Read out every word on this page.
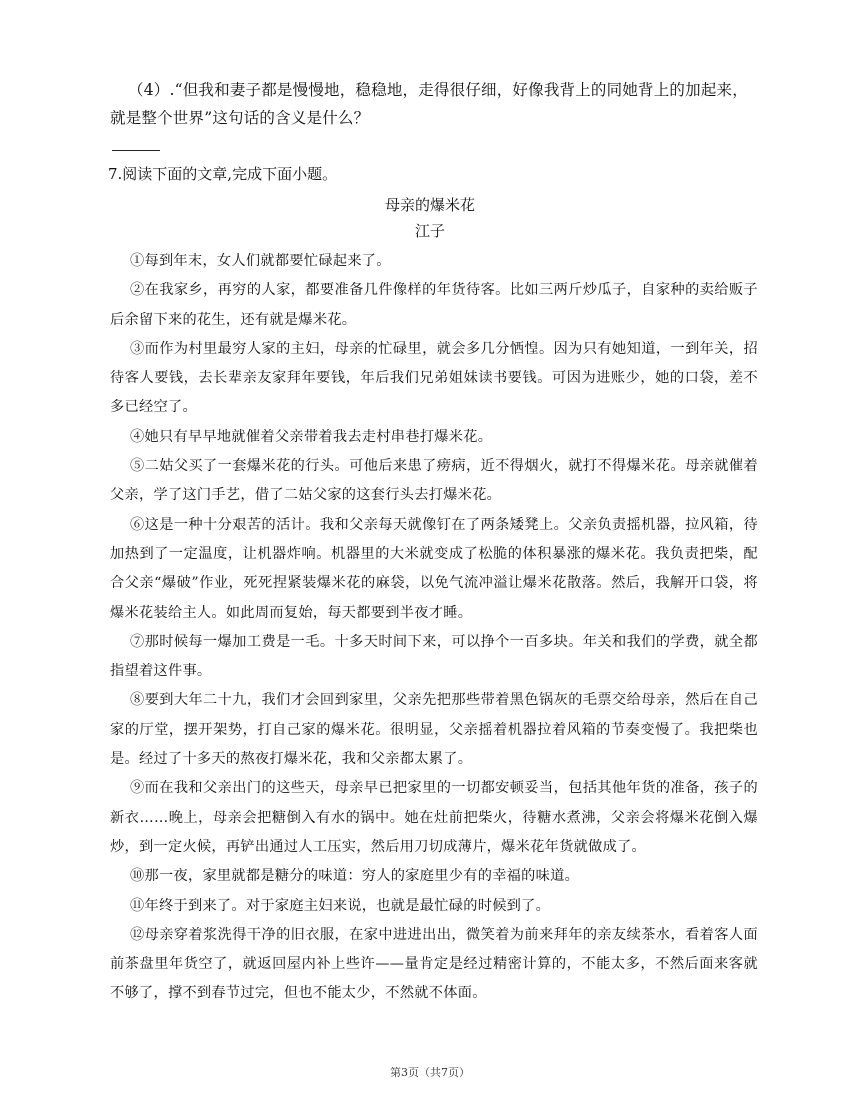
（4）.“但我和妻子都是慢慢地，稳稳地，走得很仔细，好像我背上的同她背上的加起来，就是整个世界”这句话的含义是什么？
7.阅读下面的文章,完成下面小题。
母亲的爆米花
江子

①每到年末，女人们就都要忙碌起来了。

②在我家乡，再穷的人家，都要准备几件像样的年货待客。比如三两斤炒瓜子，自家种的卖给贩子后余留下来的花生，还有就是爆米花。

③而作为村里最穷人家的主妇，母亲的忙碌里，就会多几分恓惶。因为只有她知道，一到年关，招待客人要钱，去长辈亲友家拜年要钱，年后我们兄弟姐妹读书要钱。可因为进账少，她的口袋，差不多已经空了。

④她只有早早地就催着父亲带着我去走村串巷打爆米花。

⑤二姑父买了一套爆米花的行头。可他后来患了痨病，近不得烟火，就打不得爆米花。母亲就催着父亲，学了这门手艺，借了二姑父家的这套行头去打爆米花。

⑥这是一种十分艰苦的活计。我和父亲每天就像钉在了两条矮凳上。父亲负责摇机器，拉风箱，待加热到了一定温度，让机器炸响。机器里的大米就变成了松脆的体积暴涨的爆米花。我负责把柴，配合父亲“爆破”作业，死死捏紧装爆米花的麻袋，以免气流冲溢让爆米花散落。然后，我解开口袋，将爆米花装给主人。如此周而复始，每天都要到半夜才睡。

⑦那时候每一爆加工费是一毛。十多天时间下来，可以挣个一百多块。年关和我们的学费，就全都指望着这件事。

⑧要到大年二十九，我们才会回到家里，父亲先把那些带着黑色锅灰的毛票交给母亲，然后在自己家的厅堂，摆开架势，打自己家的爆米花。很明显，父亲摇着机器拉着风箱的节奏变慢了。我把柴也是。经过了十多天的熬夜打爆米花，我和父亲都太累了。

⑨而在我和父亲出门的这些天，母亲早已把家里的一切都安顿妥当，包括其他年货的准备，孩子的新衣……晚上，母亲会把糖倒入有水的锅中。她在灶前把柴火，待糖水煮沸，父亲会将爆米花倒入爆炒，到一定火候，再铲出通过人工压实，然后用刀切成薄片，爆米花年货就做成了。

⑩那一夜，家里就都是糖分的味道：穷人的家庭里少有的幸福的味道。

⑪年终于到来了。对于家庭主妇来说，也就是最忙碌的时候到了。

⑫母亲穿着浆洗得干净的旧衣服，在家中进进出出，微笑着为前来拜年的亲友续茶水，看着客人面前茶盘里年货空了，就返回屋内补上些许——量肯定是经过精密计算的，不能太多，不然后面来客就不够了，撑不到春节过完，但也不能太少，不然就不体面。

第3页（共7页）
